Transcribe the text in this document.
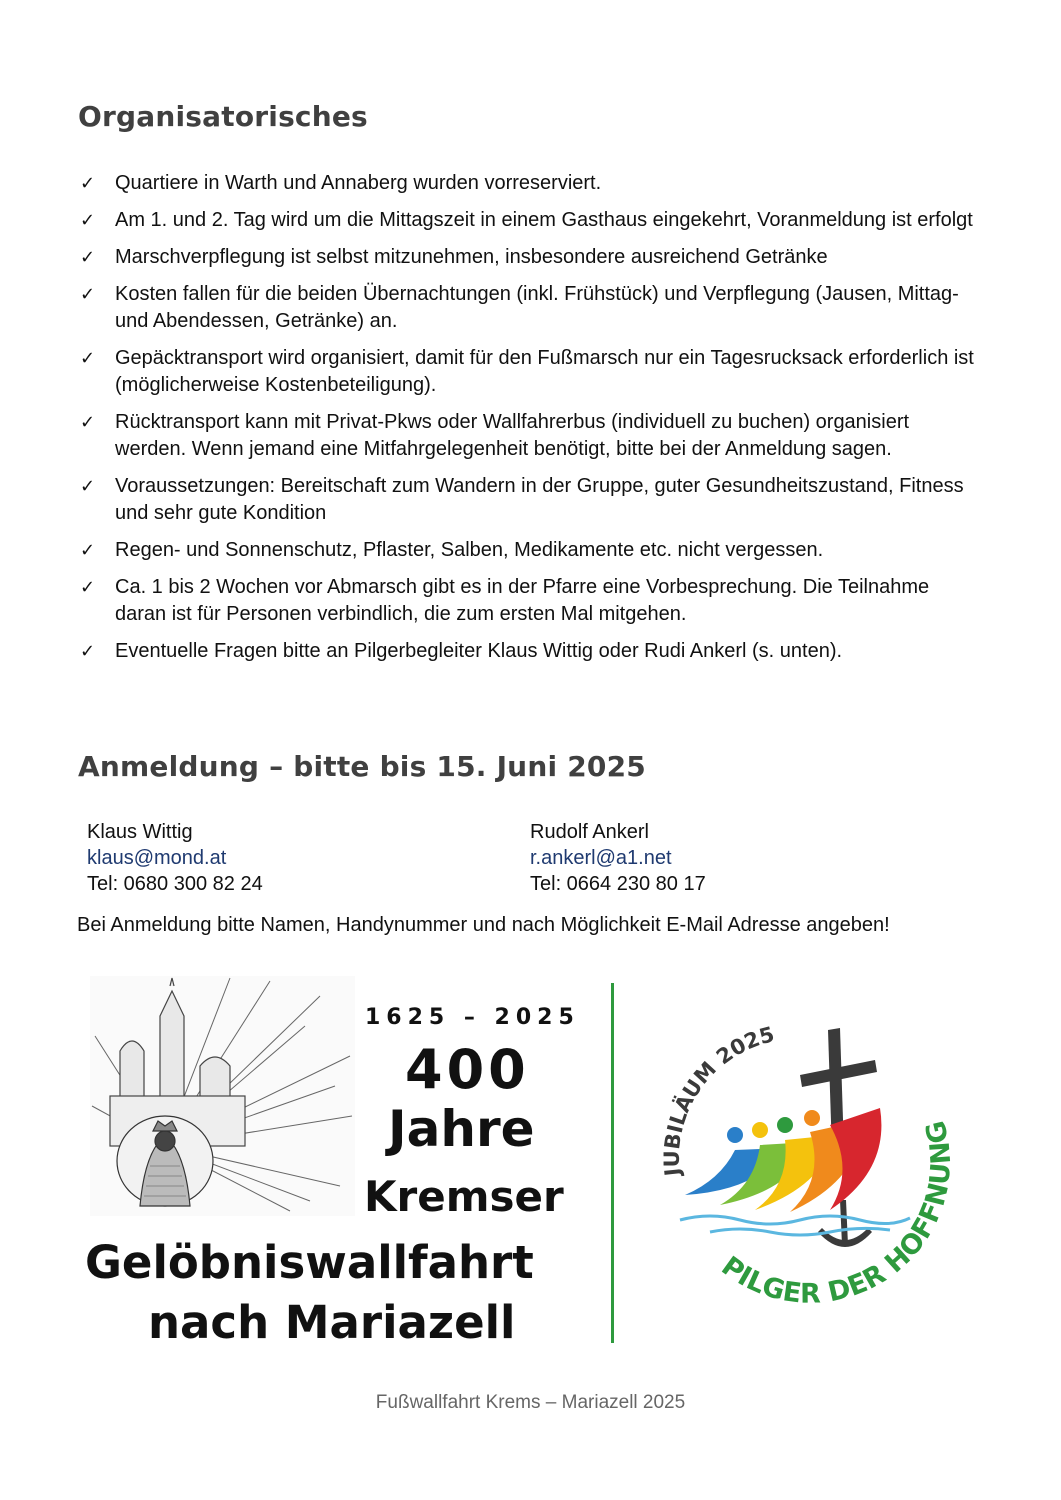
Organisatorisches
✓ Quartiere in Warth und Annaberg wurden vorreserviert.
✓ Am 1. und 2. Tag wird um die Mittagszeit in einem Gasthaus eingekehrt, Voranmeldung ist erfolgt
✓ Marschverpflegung ist selbst mitzunehmen, insbesondere ausreichend Getränke
✓ Kosten fallen für die beiden Übernachtungen (inkl. Frühstück) und Verpflegung (Jausen, Mittag- und Abendessen, Getränke) an.
✓ Gepäcktransport wird organisiert, damit für den Fußmarsch nur ein Tagesrucksack erforderlich ist (möglicherweise Kostenbeteiligung).
✓ Rücktransport kann mit Privat-Pkws oder Wallfahrerbus (individuell zu buchen) organisiert werden. Wenn jemand eine Mitfahrgelegenheit benötigt, bitte bei der Anmeldung sagen.
✓ Voraussetzungen: Bereitschaft zum Wandern in der Gruppe, guter Gesundheitszustand, Fitness und sehr gute Kondition
✓ Regen- und Sonnenschutz, Pflaster, Salben, Medikamente etc. nicht vergessen.
✓ Ca. 1 bis 2 Wochen vor Abmarsch gibt es in der Pfarre eine Vorbesprechung. Die Teilnahme daran ist für Personen verbindlich, die zum ersten Mal mitgehen.
✓ Eventuelle Fragen bitte an Pilgerbegleiter Klaus Wittig oder Rudi Ankerl (s. unten).
Anmeldung – bitte bis 15. Juni 2025
Klaus Wittig
klaus@mond.at
Tel: 0680 300 82 24
Rudolf Ankerl
r.ankerl@a1.net
Tel: 0664 230 80 17

Bei Anmeldung bitte Namen, Handynummer und nach Möglichkeit E-Mail Adresse angeben!

1625 – 2025
400
Jahre
Kremser
Gelöbniswallfahrt
nach Mariazell
JUBILÄUM 2025
PILGER DER HOFFNUNG

Fußwallfahrt Krems – Mariazell 2025
